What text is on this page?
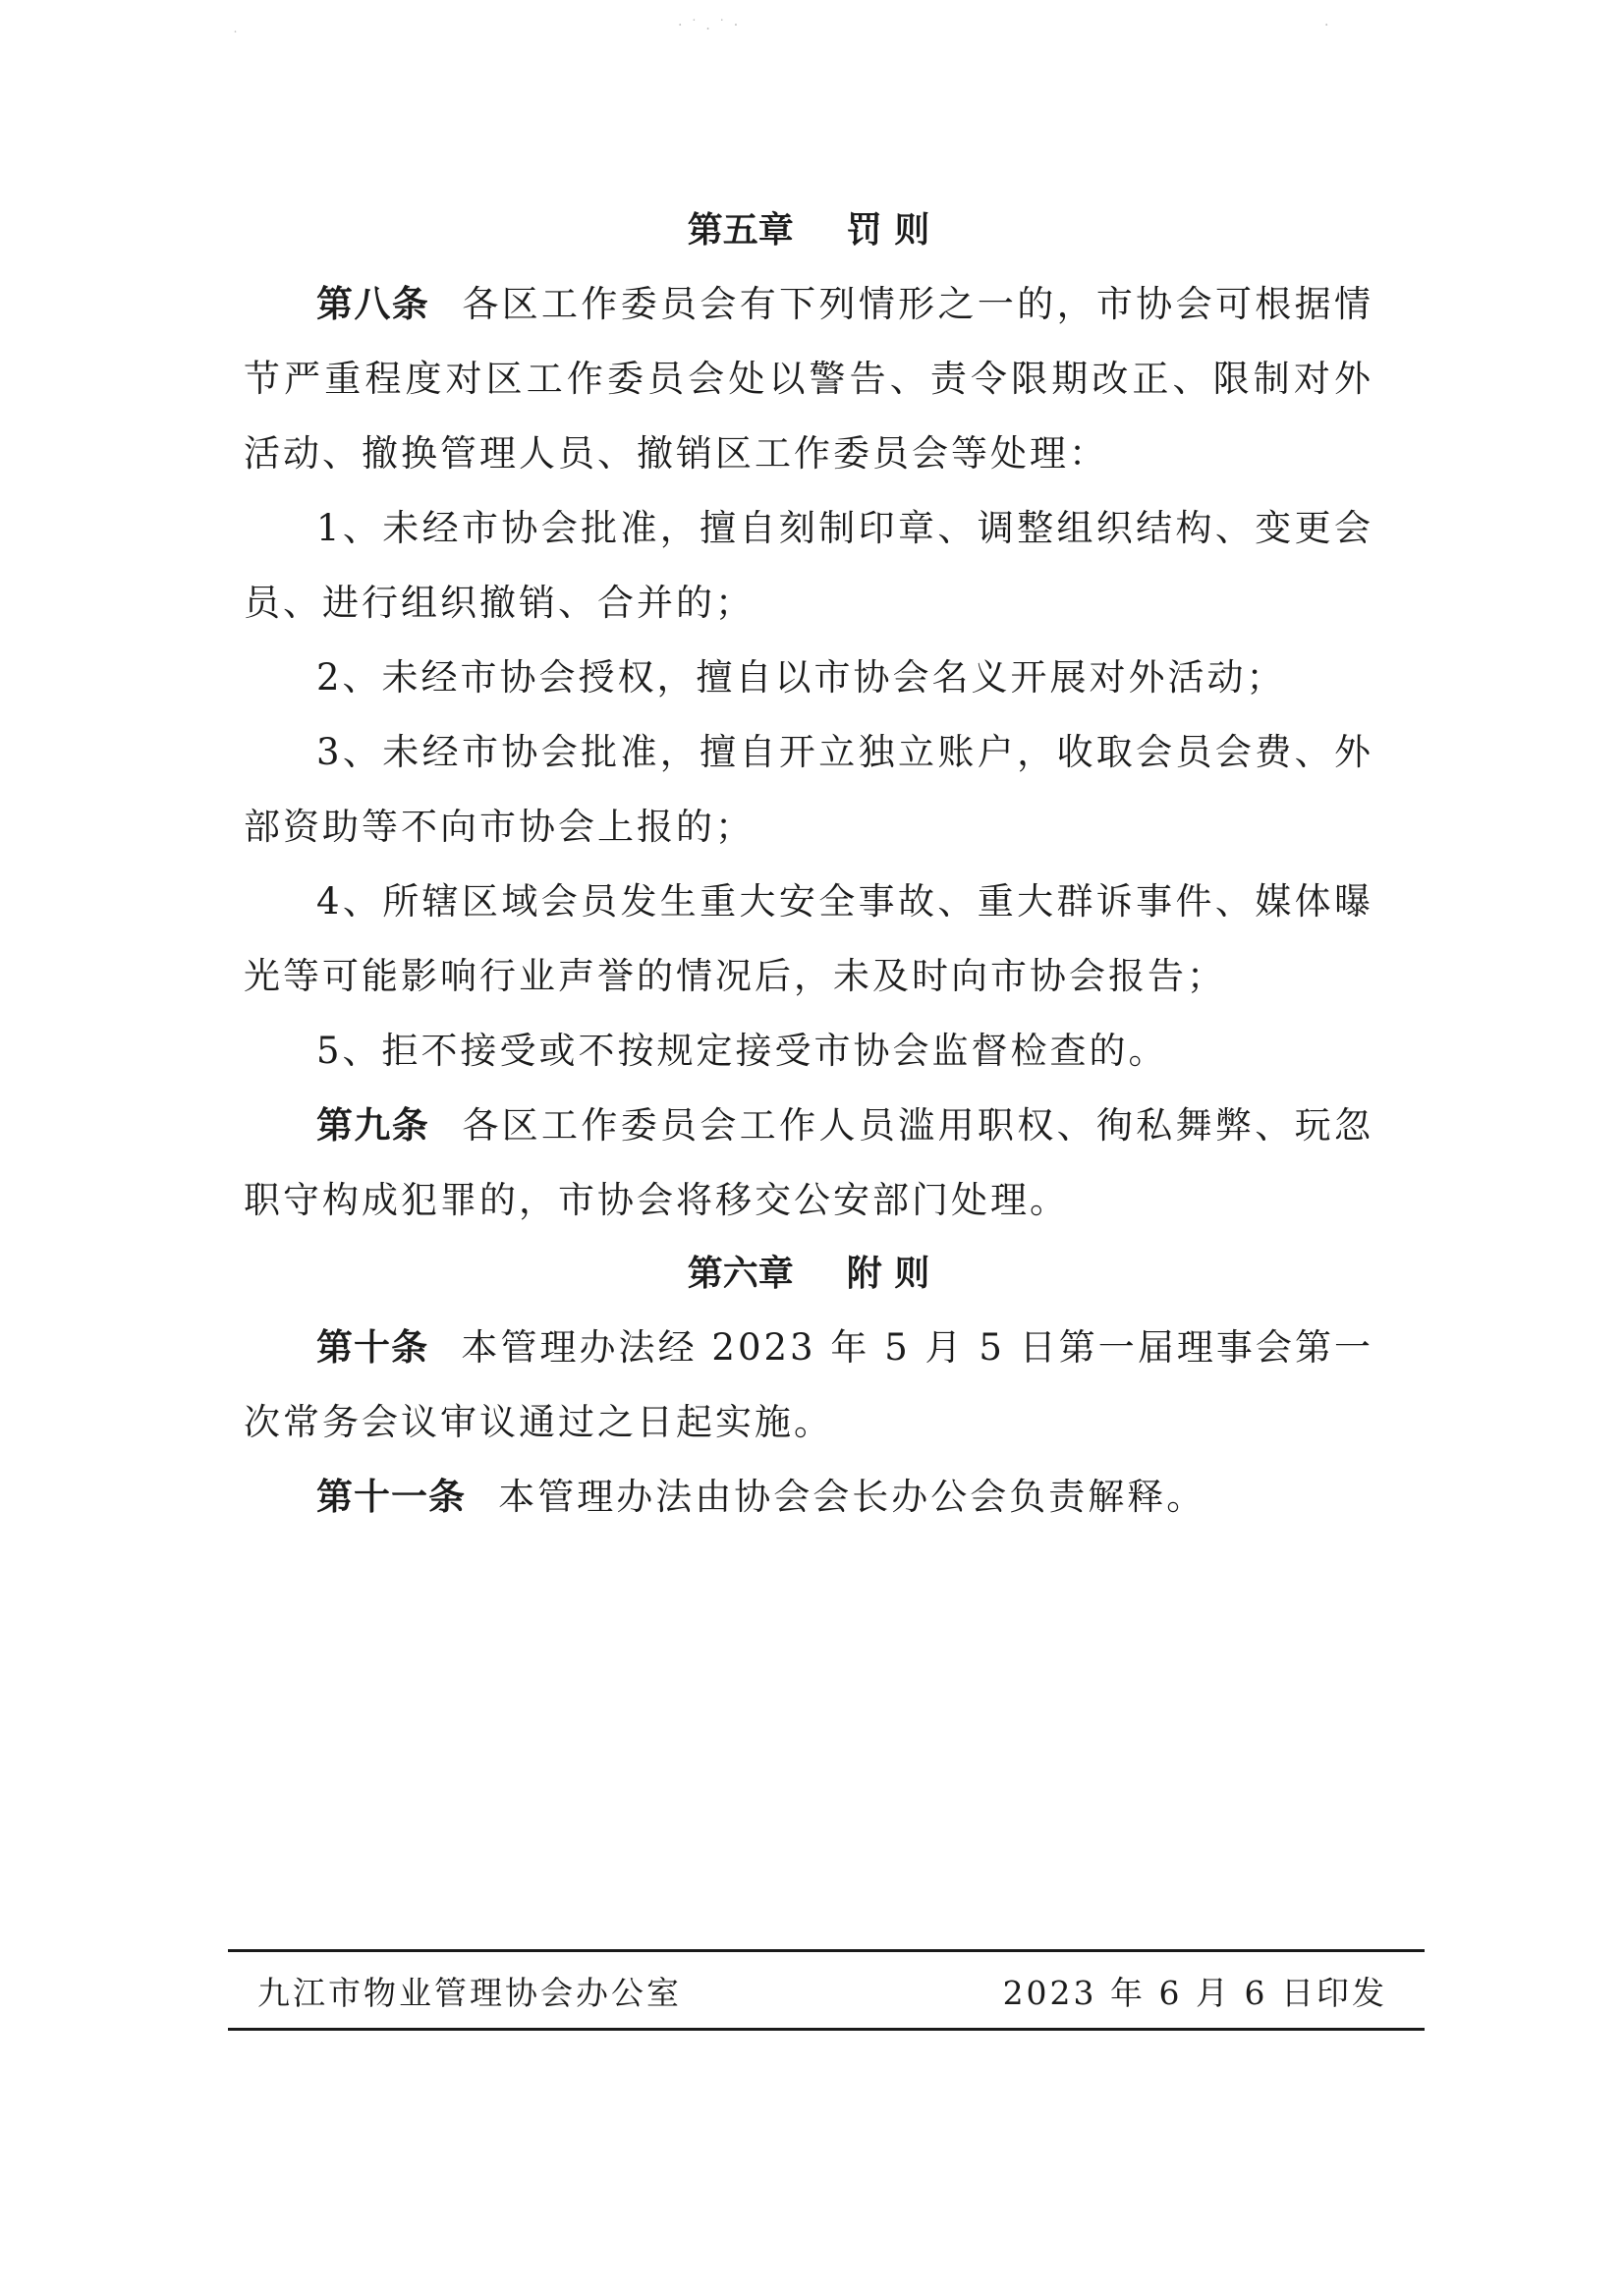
· ˙ . ˙ ·	·
˙

第五章 罚 则

第八条 各区工作委员会有下列情形之一的，市协会可根据情节严重程度对区工作委员会处以警告、责令限期改正、限制对外活动、撤换管理人员、撤销区工作委员会等处理：

1、未经市协会批准，擅自刻制印章、调整组织结构、变更会员、进行组织撤销、合并的；

2、未经市协会授权，擅自以市协会名义开展对外活动；

3、未经市协会批准，擅自开立独立账户，收取会员会费、外部资助等不向市协会上报的；

4、所辖区域会员发生重大安全事故、重大群诉事件、媒体曝光等可能影响行业声誉的情况后，未及时向市协会报告；

5、拒不接受或不按规定接受市协会监督检查的。

第九条 各区工作委员会工作人员滥用职权、徇私舞弊、玩忽职守构成犯罪的，市协会将移交公安部门处理。

第六章 附 则

第十条 本管理办法经 2023 年 5 月 5 日第一届理事会第一次常务会议审议通过之日起实施。

第十一条 本管理办法由协会会长办公会负责解释。

九江市物业管理协会办公室	2023 年 6 月 6 日印发
